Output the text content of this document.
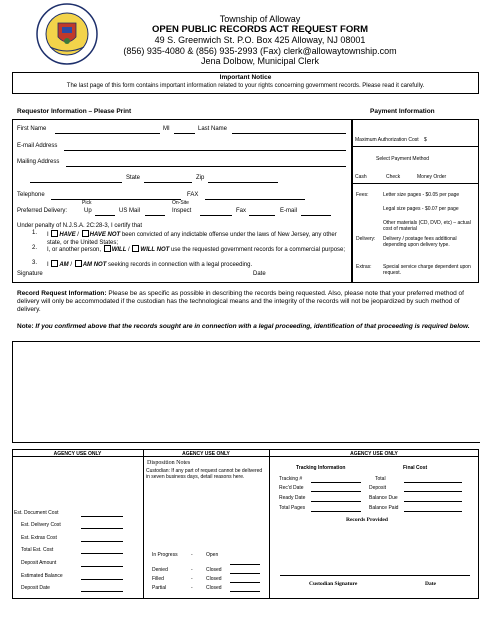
Township of Alloway
OPEN PUBLIC RECORDS ACT REQUEST FORM
49 S. Greenwich St. P.O. Box 425 Alloway, NJ 08001
(856) 935-4080 & (856) 935-2993 (Fax) clerk@allowaytownship.com
Jena Dolbow, Municipal Clerk
Important Notice
The last page of this form contains important information related to your rights concerning government records. Please read it carefully.
Requestor Information – Please Print	Payment Information
First Name	MI	Last Name
E-mail Address
Mailing Address
State	Zip
Telephone	FAX
Pick	On-Site
Preferred Delivery:	Up	US Mail	Inspect	Fax	E-mail
Under penalty of N.J.S.A. 2C:28-3, I certify that
1. I HAVE / HAVE NOT been convicted of any indictable offense under the laws of New Jersey, any other state, or the United States;
2. I, or another person, WILL / WILL NOT use the requested government records for a commercial purpose;
3. I AM / AM NOT seeking records in connection with a legal proceeding.
Signature	Date
Maximum Authorization Cost $
Select Payment Method
Cash	Check	Money Order
Fees:	Letter size pages - $0.05 per page
Legal size pages - $0.07 per page
Other materials (CD, DVD, etc) – actual cost of material
Delivery: Delivery / postage fees additional depending upon delivery type.
Extras: Special service charge dependent upon request.
Record Request Information: Please be as specific as possible in describing the records being requested. Also, please note that your preferred method of delivery will only be accommodated if the custodian has the technological means and the integrity of the records will not be jeopardized by such method of delivery.
Note: If you confirmed above that the records sought are in connection with a legal proceeding, identification of that proceeding is required below.
AGENCY USE ONLY	AGENCY USE ONLY	AGENCY USE ONLY
Est. Document Cost
Est. Delivery Cost
Est. Extras Cost
Total Est. Cost
Deposit Amount
Estimated Balance
Deposit Date
Disposition Notes
Custodian: If any part of request cannot be delivered in seven business days, detail reasons here.
In Progress	-	Open
Denied	-	Closed
Filled	-	Closed
Partial	-	Closed
Tracking Information	Final Cost
Tracking #	Total
Rec'd Date	Deposit
Ready Date	Balance Due
Total Pages	Balance Paid
Records Provided
Custodian Signature	Date
